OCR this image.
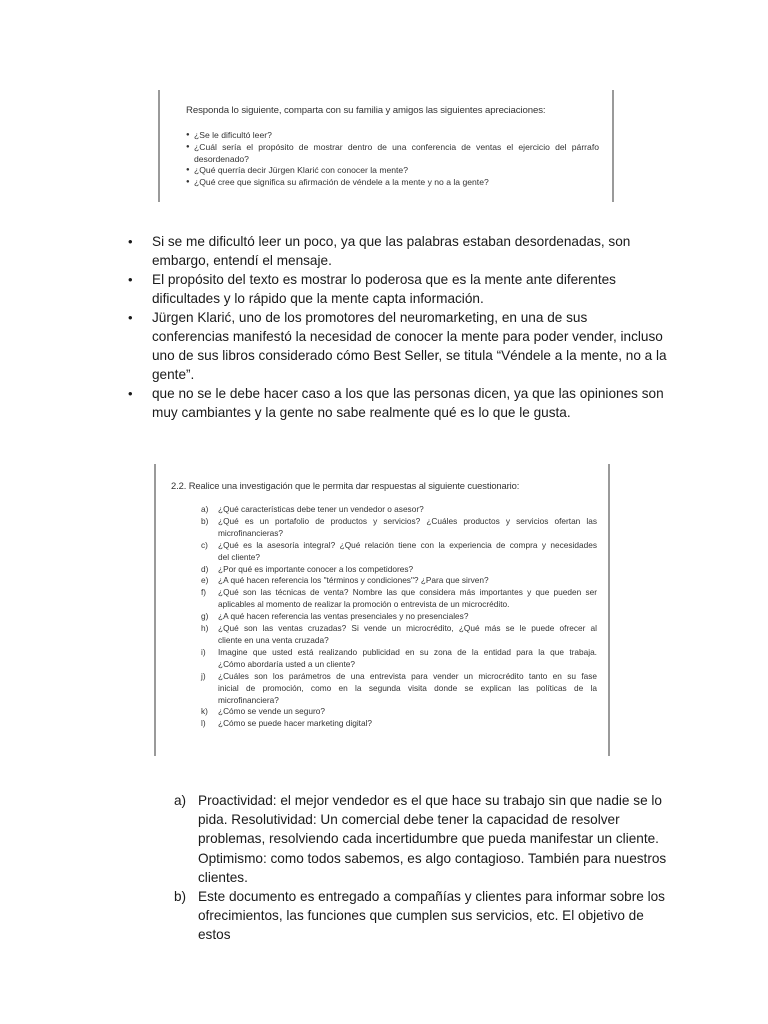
Responda lo siguiente, comparta con su familia y amigos las siguientes apreciaciones:
● ¿Se le dificultó leer?
● ¿Cuál sería el propósito de mostrar dentro de una conferencia de ventas el ejercicio del párrafo
desordenado?
● ¿Qué querría decir Jürgen Klarić con conocer la mente?
● ¿Qué cree que significa su afirmación de véndele a la mente y no a la gente?
• Si se me dificultó leer un poco, ya que las palabras estaban desordenadas, son embargo, entendí el mensaje.
• El propósito del texto es mostrar lo poderosa que es la mente ante diferentes dificultades y lo rápido que la mente capta información.
• Jürgen Klarić, uno de los promotores del neuromarketing, en una de sus conferencias manifestó la necesidad de conocer la mente para poder vender, incluso uno de sus libros considerado cómo Best Seller, se titula “Véndele a la mente, no a la gente”.
• que no se le debe hacer caso a los que las personas dicen, ya que las opiniones son muy cambiantes y la gente no sabe realmente qué es lo que le gusta.
2.2. Realice una investigación que le permita dar respuestas al siguiente cuestionario:
a) ¿Qué características debe tener un vendedor o asesor?
b) ¿Qué es un portafolio de productos y servicios? ¿Cuáles productos y servicios ofertan las
microfinancieras?
c) ¿Qué es la asesoría integral? ¿Qué relación tiene con la experiencia de compra y necesidades
del cliente?
d) ¿Por qué es importante conocer a los competidores?
e) ¿A qué hacen referencia los "términos y condiciones"? ¿Para que sirven?
f) ¿Qué son las técnicas de venta? Nombre las que considera más importantes y que pueden ser
aplicables al momento de realizar la promoción o entrevista de un microcrédito.
g) ¿A qué hacen referencia las ventas presenciales y no presenciales?
h) ¿Qué son las ventas cruzadas? Si vende un microcrédito, ¿Qué más se le puede ofrecer al
cliente en una venta cruzada?
i) Imagine que usted está realizando publicidad en su zona de la entidad para la que trabaja.
¿Cómo abordaría usted a un cliente?
j) ¿Cuáles son los parámetros de una entrevista para vender un microcrédito tanto en su fase
inicial de promoción, como en la segunda visita donde se explican las políticas de la
microfinanciera?
k) ¿Cómo se vende un seguro?
l) ¿Cómo se puede hacer marketing digital?
a) Proactividad: el mejor vendedor es el que hace su trabajo sin que nadie se lo pida. Resolutividad: Un comercial debe tener la capacidad de resolver problemas, resolviendo cada incertidumbre que pueda manifestar un cliente. Optimismo: como todos sabemos, es algo contagioso. También para nuestros clientes.
b) Este documento es entregado a compañías y clientes para informar sobre los ofrecimientos, las funciones que cumplen sus servicios, etc. El objetivo de estos
